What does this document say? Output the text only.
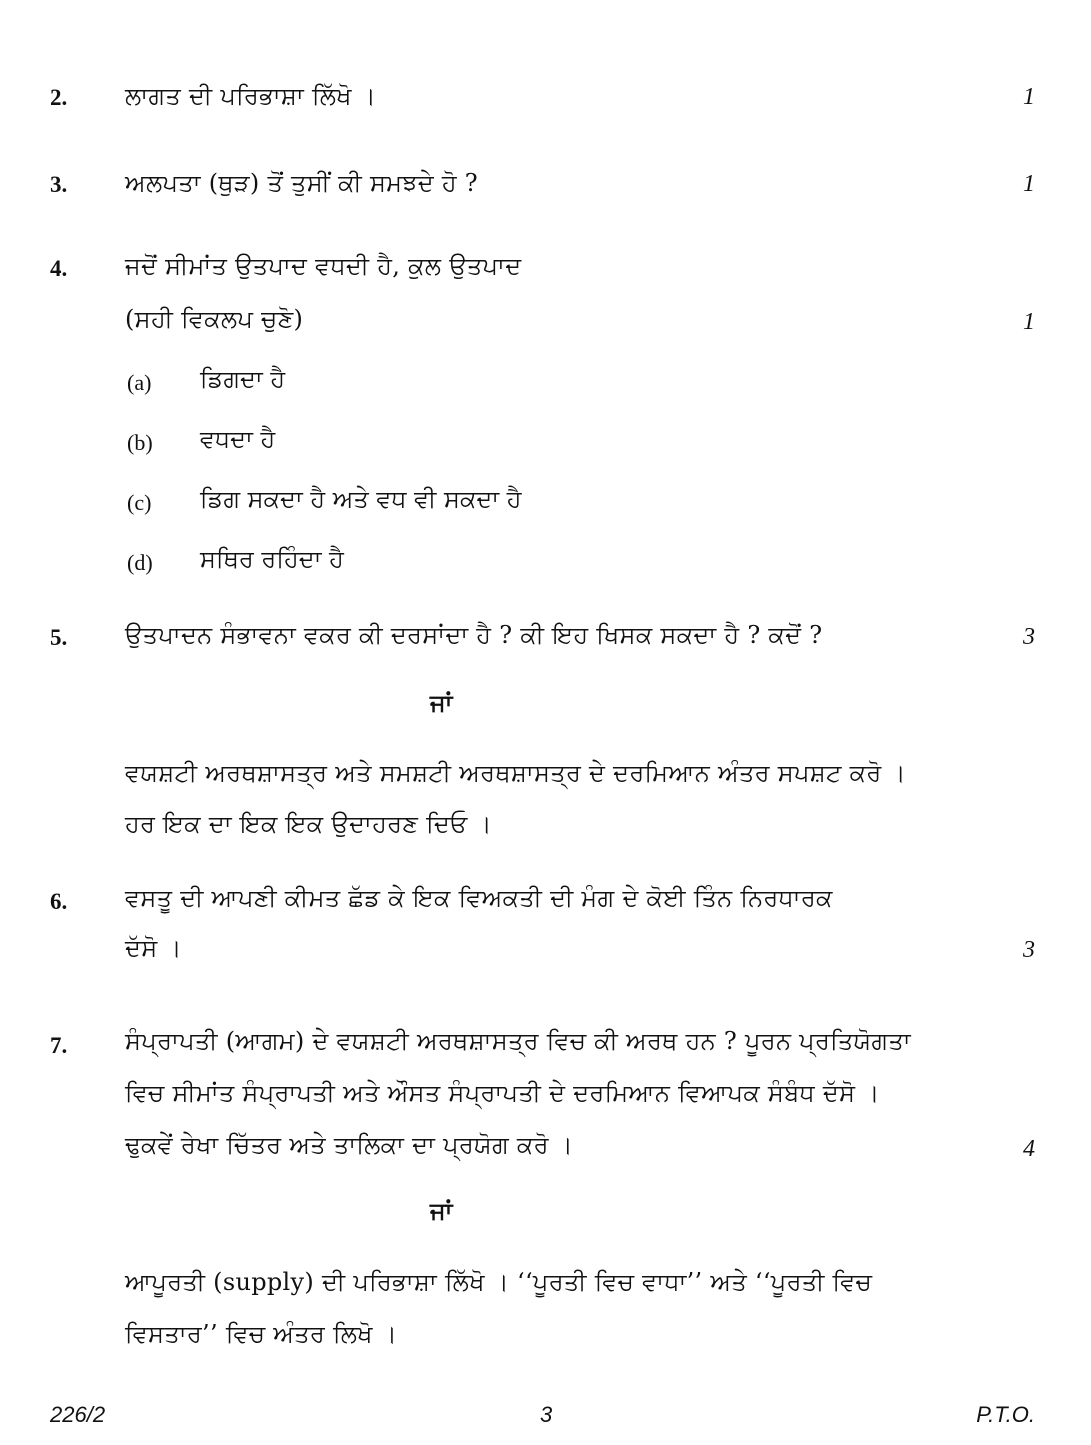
2.	ਲਾਗਤ ਦੀ ਪਰਿਭਾਸ਼ਾ ਲਿੱਖੋ ।	1
3.	ਅਲਪਤਾ (ਥੁੜ) ਤੋਂ ਤੁਸੀਂ ਕੀ ਸਮਝਦੇ ਹੋ ?	1
4.	ਜਦੋਂ ਸੀਮਾਂਤ ਉਤਪਾਦ ਵਧਦੀ ਹੈ, ਕੁਲ ਉਤਪਾਦ
(ਸਹੀ ਵਿਕਲਪ ਚੁਣੋ)	1
(a) ਡਿਗਦਾ ਹੈ
(b) ਵਧਦਾ ਹੈ
(c) ਡਿਗ ਸਕਦਾ ਹੈ ਅਤੇ ਵਧ ਵੀ ਸਕਦਾ ਹੈ
(d) ਸਥਿਰ ਰਹਿੰਦਾ ਹੈ
5.	ਉਤਪਾਦਨ ਸੰਭਾਵਨਾ ਵਕਰ ਕੀ ਦਰਸਾਂਦਾ ਹੈ ? ਕੀ ਇਹ ਖਿਸਕ ਸਕਦਾ ਹੈ ? ਕਦੋਂ ?	3
ਜਾਂ
ਵਯਸ਼ਟੀ ਅਰਥਸ਼ਾਸਤ੍ਰ ਅਤੇ ਸਮਸ਼ਟੀ ਅਰਥਸ਼ਾਸਤ੍ਰ ਦੇ ਦਰਮਿਆਨ ਅੰਤਰ ਸਪਸ਼ਟ ਕਰੋ ।
ਹਰ ਇਕ ਦਾ ਇਕ ਇਕ ਉਦਾਹਰਣ ਦਿਓ ।
6.	ਵਸਤੂ ਦੀ ਆਪਣੀ ਕੀਮਤ ਛੱਡ ਕੇ ਇਕ ਵਿਅਕਤੀ ਦੀ ਮੰਗ ਦੇ ਕੋਈ ਤਿੰਨ ਨਿਰਧਾਰਕ
ਦੱਸੋ ।	3
7.	ਸੰਪ੍ਰਾਪਤੀ (ਆਗਮ) ਦੇ ਵਯਸ਼ਟੀ ਅਰਥਸ਼ਾਸਤ੍ਰ ਵਿਚ ਕੀ ਅਰਥ ਹਨ ? ਪੂਰਨ ਪ੍ਰਤਿਯੋਗਤਾ
ਵਿਚ ਸੀਮਾਂਤ ਸੰਪ੍ਰਾਪਤੀ ਅਤੇ ਔਸਤ ਸੰਪ੍ਰਾਪਤੀ ਦੇ ਦਰਮਿਆਨ ਵਿਆਪਕ ਸੰਬੰਧ ਦੱਸੋ ।
ਢੁਕਵੇਂ ਰੇਖਾ ਚਿੱਤਰ ਅਤੇ ਤਾਲਿਕਾ ਦਾ ਪ੍ਰਯੋਗ ਕਰੋ ।	4
ਜਾਂ
ਆਪੂਰਤੀ (supply) ਦੀ ਪਰਿਭਾਸ਼ਾ ਲਿੱਖੋ । ‘‘ਪੂਰਤੀ ਵਿਚ ਵਾਧਾ’’ ਅਤੇ ‘‘ਪੂਰਤੀ ਵਿਚ
ਵਿਸਤਾਰ’’ ਵਿਚ ਅੰਤਰ ਲਿਖੋ ।
226/2	3	P.T.O.
